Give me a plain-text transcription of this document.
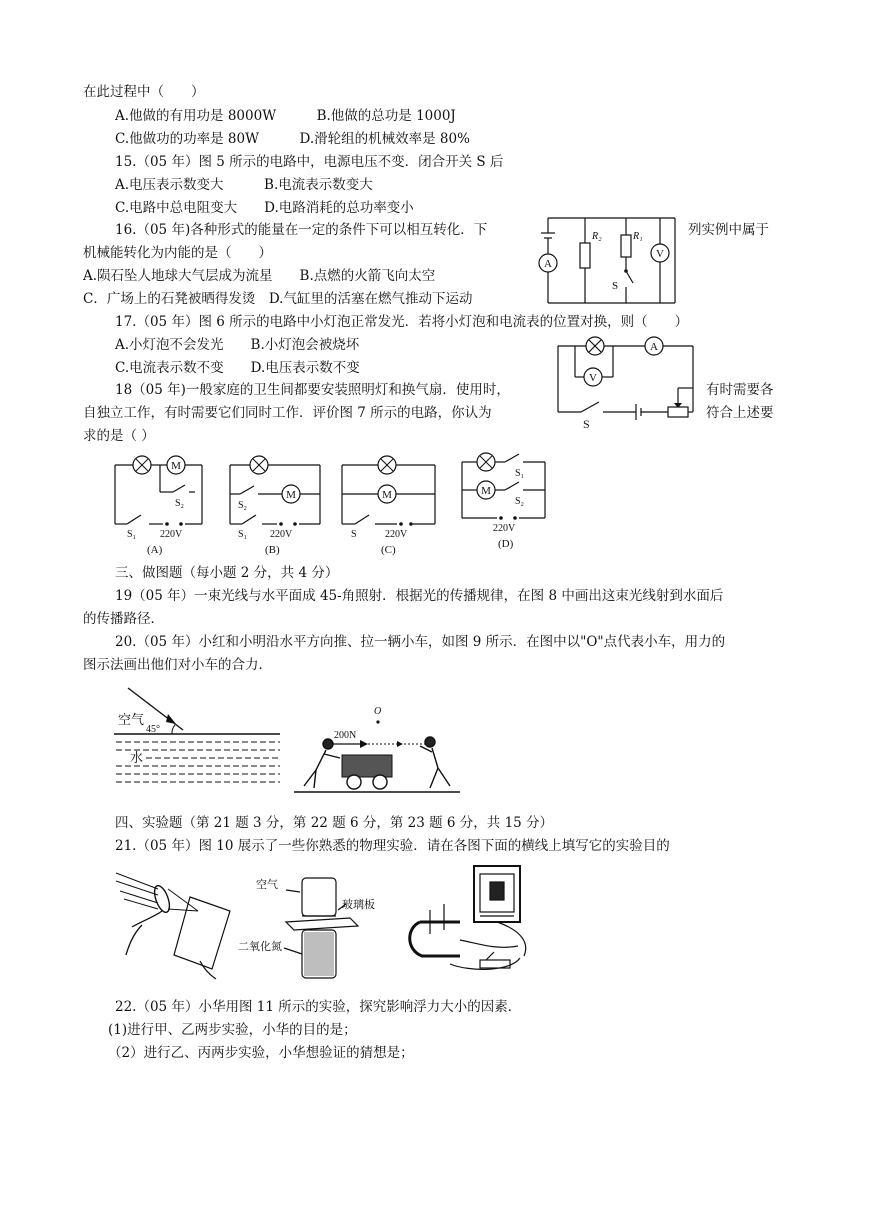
在此过程中（　　）
A.他做的有用功是 8000W　　　B.他做的总功是 1000J
C.他做功的功率是 80W　　　D.滑轮组的机械效率是 80%
15.（05 年）图 5 所示的电路中，电源电压不变．闭合开关 S 后
A.电压表示数变大　　　B.电流表示数变大
C.电路中总电阻变大　　D.电路消耗的总功率变小
16.（05 年)各种形式的能量在一定的条件下可以相互转化．下	列实例中属于
机械能转化为内能的是（　　）
A.陨石坠人地球大气层成为流星　　B.点燃的火箭飞向太空
C．广场上的石凳被晒得发烫　D.气缸里的活塞在燃气推动下运动
17.（05 年）图 6 所示的电路中小灯泡正常发光．若将小灯泡和电流表的位置对换，则（　　）
A.小灯泡不会发光　　B.小灯泡会被烧坏
C.电流表示数不变　　D.电压表示数不变
18（05 年)一般家庭的卫生间都要安装照明灯和换气扇．使用时，	有时需要各
自独立工作，有时需要它们同时工作．评价图 7 所示的电路，你认为	符合上述要
求的是（ ）
三、做图题（每小题 2 分，共 4 分）
19（05 年）一束光线与水平面成 45-角照射．根据光的传播规律，在图 8 中画出这束光线射到水面后
的传播路径．
20.（05 年）小红和小明沿水平方向推、拉一辆小车，如图 9 所示．在图中以"O"点代表小车，用力的
图示法画出他们对小车的合力．
四、实验题（第 21 题 3 分，第 22 题 6 分，第 23 题 6 分，共 15 分）
21.（05 年）图 10 展示了一些你熟悉的物理实验．请在各图下面的横线上填写它的实验目的
22.（05 年）小华用图 11 所示的实验，探究影响浮力大小的因素．
(1)进行甲、乙两步实验，小华的目的是；
（2）进行乙、丙两步实验，小华想验证的猜想是；
A
R₂	R₁
S
V
A
V
S
M
S₂
S₁ 220V
(A)
M
S₂
S₁ 220V
(B)
M
S	220V
(C)
M
S₁
S₂
220V
(D)
空气
45°
水
200N
O
空气
玻璃板
二氧化氮
